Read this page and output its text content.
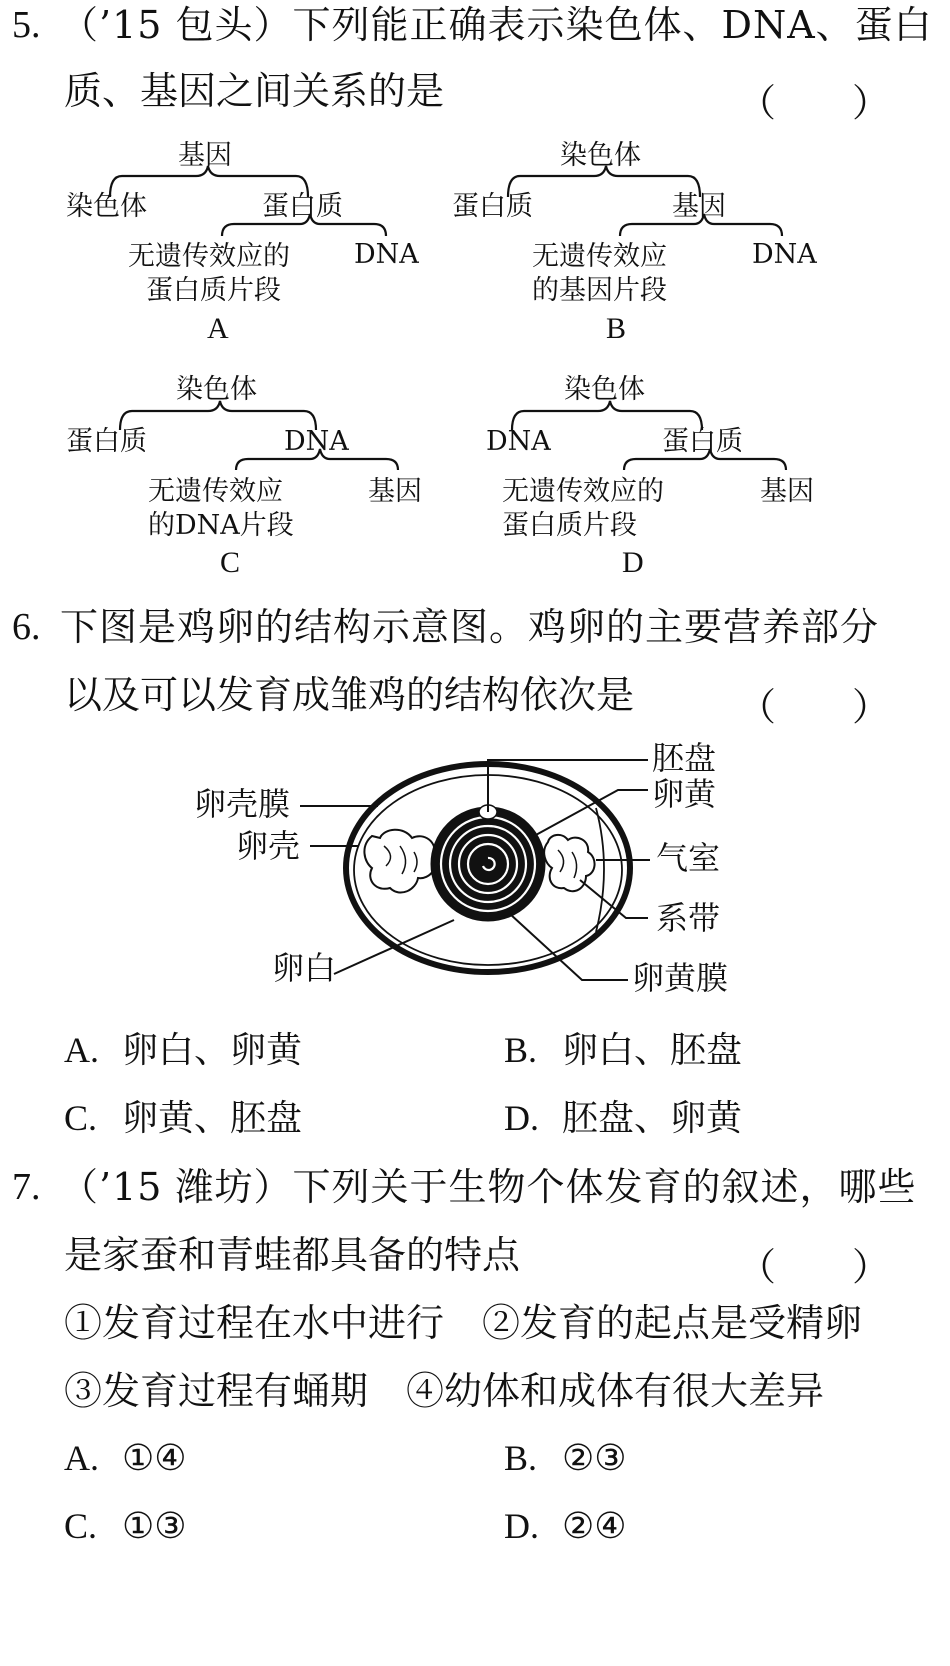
5. （’15 包头）下列能正确表示染色体、DNA、蛋白
质、基因之间关系的是	（　　）
基因
染色体	蛋白质
DNA
无遗传效应的
蛋白质片段
A
染色体
蛋白质	基因
DNA
无遗传效应
的基因片段
B
染色体
蛋白质	DNA
基因
无遗传效应
的DNA片段
C
染色体
DNA	蛋白质
基因
无遗传效应的
蛋白质片段
D
6. 下图是鸡卵的结构示意图。鸡卵的主要营养部分
以及可以发育成雏鸡的结构依次是	（　　）
胚盘
卵黄
气室
系带
卵黄膜
卵壳膜
卵壳
卵白
A. 卵白、卵黄	B. 卵白、胚盘
C. 卵黄、胚盘	D. 胚盘、卵黄
7. （’15 潍坊）下列关于生物个体发育的叙述，哪些
是家蚕和青蛙都具备的特点	（　　）
①发育过程在水中进行　②发育的起点是受精卵
③发育过程有蛹期　④幼体和成体有很大差异
A. ①④	B. ②③
C. ①③	D. ②④
